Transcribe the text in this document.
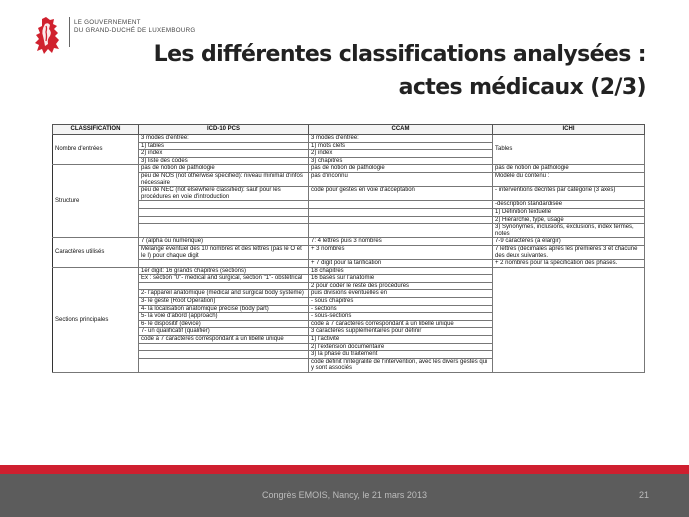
LE GOUVERNEMENT
DU GRAND-DUCHÉ DE LUXEMBOURG
Les différentes classifications analysées :
actes médicaux (2/3)
CLASSIFICATION	ICD-10 PCS	CCAM	ICHI
Nombre d'entrées	3 modes d'entrée:	3 modes d'entrée:	Tables
	1) tables	1) mots clefs	
	2) index	2) index	
	3) liste des codes	3) chapitres	
Structure	pas de notion de pathologie	pas de notion de pathologie	pas de notion de pathologie
	peu de NOS (not otherwise specified): niveau minimal d'infos nécessaire	pas d'inconnu	Modèle du contenu :
	peu de NEC (not elsewhere classified): sauf pour les procédures en voie d'introduction	code pour gestes en voie d'acceptation	- interventions décrites par catégorie (3 axes)
			-description standardisée
			1) Définition textuelle
			2) Hiérarchie, type, usage
			3) Synonymes, inclusions, exclusions, index termes, notes
Caractères utilisés	7 (alpha ou numérique)	7: 4 lettres puis 3 nombres	7-9 caractères (à élargir)
	Mélange éventuel des 10 nombres et des lettres (pas le O et le I) pour chaque digit	+ 3 nombres	7 lettres (décimales après les premières 3 et chacune des deux suivantes.
		+ 7 digit pour la tarification	+ 2 nombres pour la spécification des phases.
Sections principales	1er digit: 16 grands chapitres (sections)	18 chapitres	
	Ex : section "0"- medical and surgical, section "1"- obstétrical	16 basés sur l'anatomie	
		2 pour coder le reste des procédures	
	2- l'appareil anatomique (medical and surgical body systeme)	puis divisions éventuelles en	
	3- le geste (Root Operation)	- sous chapitres	
	4- la localisation anatomique précise (body part)	- sections	
	5- la voie d'abord (approach)	- sous-sections	
	6- le dispositif (device)	code à 7 caractères correspondant à un libellé unique	
	7- un qualificatif (qualifier)	3 caractères supplémentaires pour définir	
	code à 7 caractères correspondant à un libellé unique	1) l'activité	
		2) l'extension documentaire	
		3) la phase du traitement	
		code définit l'intégralité de l'intervention, avec les divers gestes qui y sont associés	
Congrès EMOIS, Nancy, le 21 mars 2013	21
